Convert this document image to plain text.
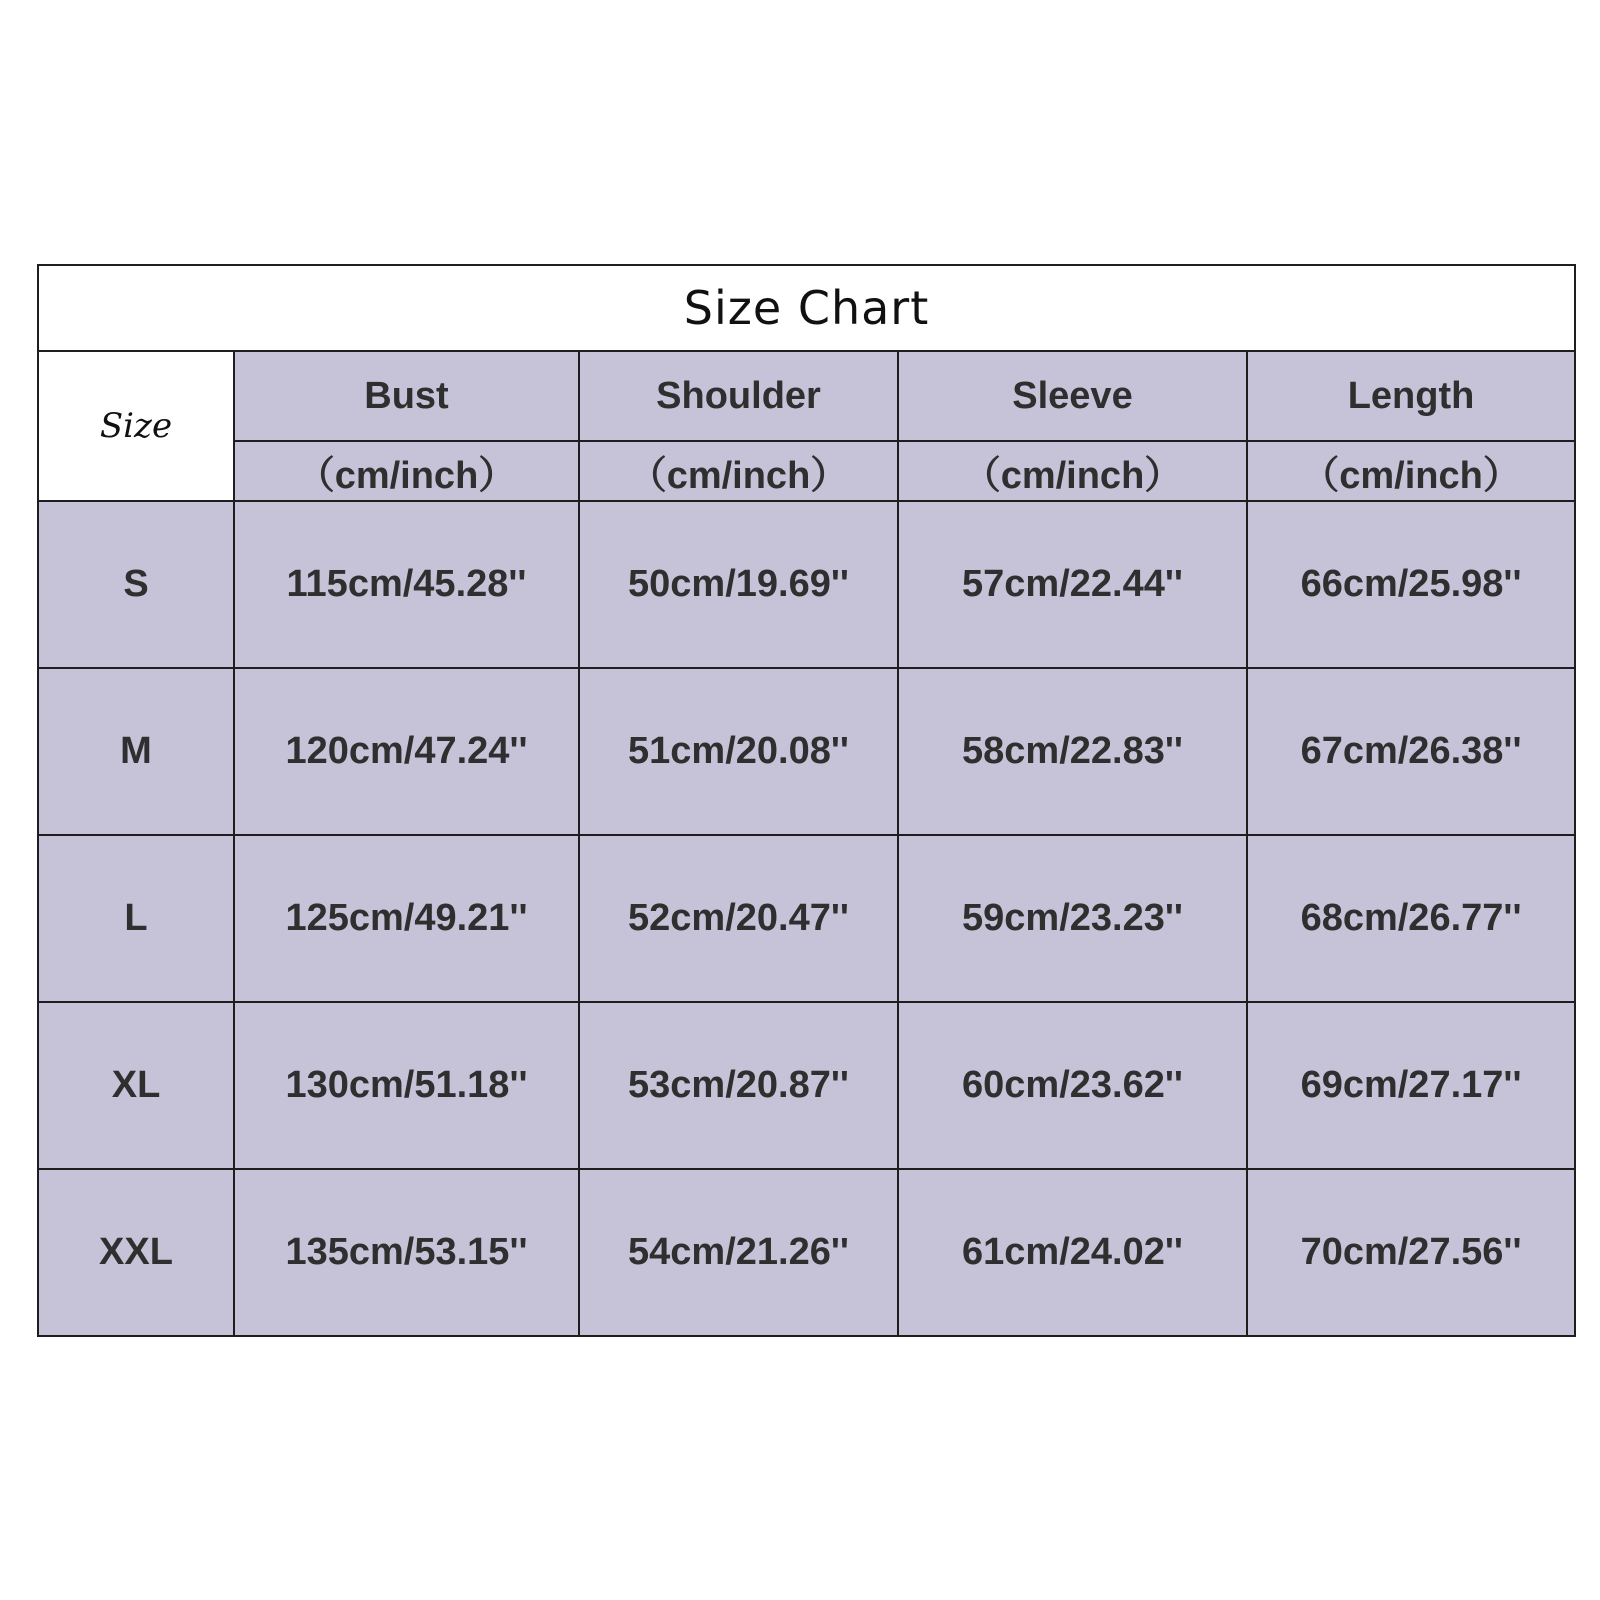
Size Chart				
Size	Bust	Shoulder	Sleeve	Length
	（cm/inch）	（cm/inch）	（cm/inch）	（cm/inch）
S	115cm/45.28''	50cm/19.69''	57cm/22.44''	66cm/25.98''
M	120cm/47.24''	51cm/20.08''	58cm/22.83''	67cm/26.38''
L	125cm/49.21''	52cm/20.47''	59cm/23.23''	68cm/26.77''
XL	130cm/51.18''	53cm/20.87''	60cm/23.62''	69cm/27.17''
XXL	135cm/53.15''	54cm/21.26''	61cm/24.02''	70cm/27.56''
